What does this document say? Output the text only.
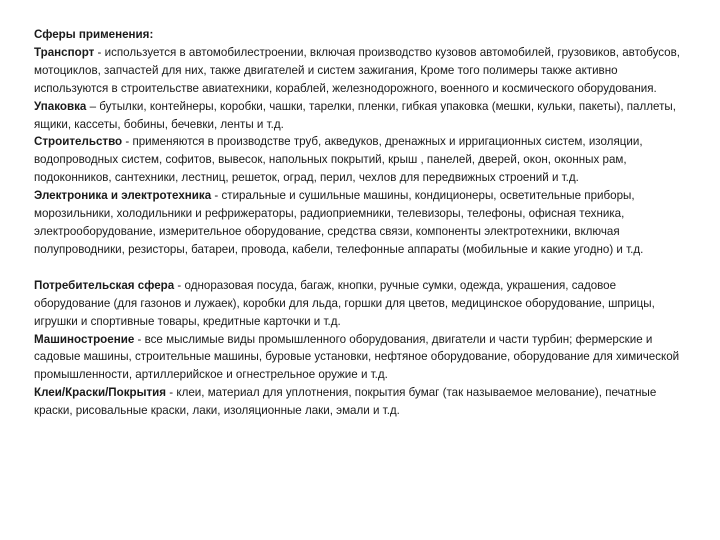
Сферы применения:

Транспорт - используется в автомобилестроении, включая производство кузовов автомобилей, грузовиков, автобусов, мотоциклов, запчастей для них, также двигателей и систем зажигания, Кроме того полимеры также активно используются в строительстве авиатехники, кораблей, железнодорожного, военного и космического оборудования.

Упаковка – бутылки, контейнеры, коробки, чашки, тарелки, пленки, гибкая упаковка (мешки, кульки, пакеты), паллеты, ящики, кассеты, бобины, бечевки, ленты и т.д.

Строительство - применяются в производстве труб, акведуков, дренажных и ирригационных систем, изоляции, водопроводных систем, софитов, вывесок, напольных покрытий, крыш , панелей, дверей, окон, оконных рам, подоконников, сантехники, лестниц, решеток, оград, перил, чехлов для передвижных строений и т.д.

Электроника и электротехника - стиральные и сушильные машины, кондиционеры, осветительные приборы, морозильники, холодильники и рефрижераторы, радиоприемники, телевизоры, телефоны, офисная техника, электрооборудование, измерительное оборудование, средства связи, компоненты электротехники, включая полупроводники, резисторы, батареи, провода, кабели, телефонные аппараты (мобильные и какие угодно) и т.д.

Потребительская сфера - одноразовая посуда, багаж, кнопки, ручные сумки, одежда, украшения, садовое оборудование (для газонов и лужаек), коробки для льда, горшки для цветов, медицинское оборудование, шприцы, игрушки и спортивные товары, кредитные карточки и т.д.

Машиностроение - все мыслимые виды промышленного оборудования, двигатели и части турбин; фермерские и садовые машины, строительные машины, буровые установки, нефтяное оборудование, оборудование для химической промышленности, артиллерийское и огнестрельное оружие и т.д.

Клеи/Краски/Покрытия - клеи, материал для уплотнения, покрытия бумаг (так называемое мелование), печатные краски, рисовальные краски, лаки, изоляционные лаки, эмали и т.д.
